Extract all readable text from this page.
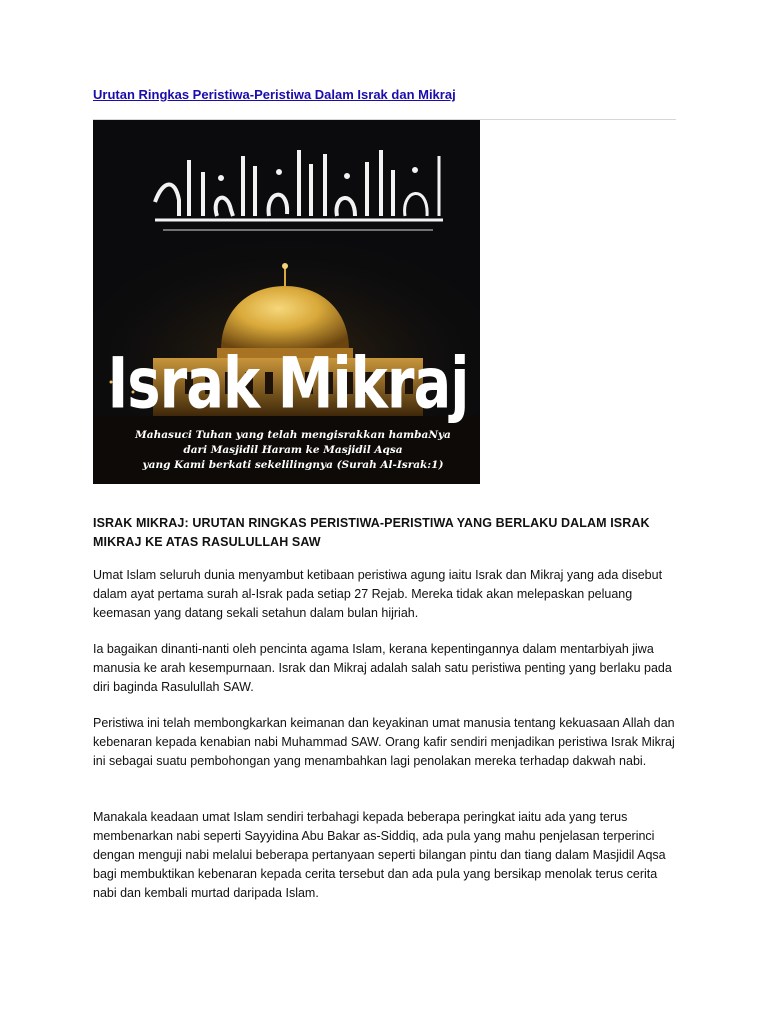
Urutan Ringkas Peristiwa-Peristiwa Dalam Israk dan Mikraj
Israk Mikraj
Mahasuci Tuhan yang telah mengisrakkan hambaNya
dari Masjidil Haram ke Masjidil Aqsa
yang Kami berkati sekelilingnya (Surah Al-Israk:1)
ISRAK MIKRAJ: URUTAN RINGKAS PERISTIWA-PERISTIWA YANG BERLAKU DALAM ISRAK MIKRAJ KE ATAS RASULULLAH SAW

Umat Islam seluruh dunia menyambut ketibaan peristiwa agung iaitu Israk dan Mikraj yang ada disebut dalam ayat pertama surah al-Israk pada setiap 27 Rejab. Mereka tidak akan melepaskan peluang keemasan yang datang sekali setahun dalam bulan hijriah.

Ia bagaikan dinanti-nanti oleh pencinta agama Islam, kerana kepentingannya dalam mentarbiyah jiwa manusia ke arah kesempurnaan. Israk dan Mikraj adalah salah satu peristiwa penting yang berlaku pada diri baginda Rasulullah SAW.

Peristiwa ini telah membongkarkan keimanan dan keyakinan umat manusia tentang kekuasaan Allah dan kebenaran kepada kenabian nabi Muhammad SAW. Orang kafir sendiri menjadikan peristiwa Israk Mikraj ini sebagai suatu pembohongan yang menambahkan lagi penolakan mereka terhadap dakwah nabi.

Manakala keadaan umat Islam sendiri terbahagi kepada beberapa peringkat iaitu ada yang terus membenarkan nabi seperti Sayyidina Abu Bakar as-Siddiq, ada pula yang mahu penjelasan terperinci dengan menguji nabi melalui beberapa pertanyaan seperti bilangan pintu dan tiang dalam Masjidil Aqsa bagi membuktikan kebenaran kepada cerita tersebut dan ada pula yang bersikap menolak terus cerita nabi dan kembali murtad daripada Islam.
